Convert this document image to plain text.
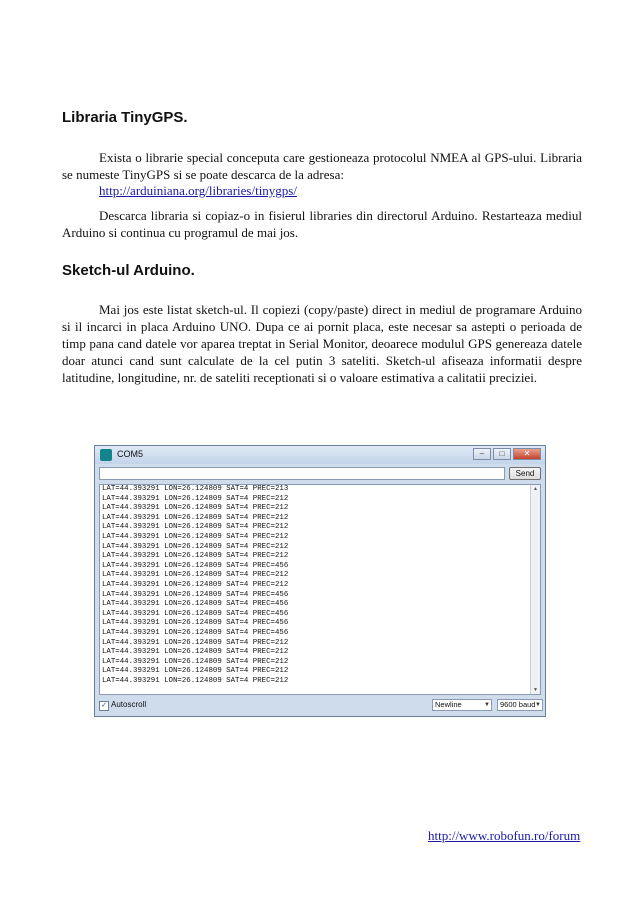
Libraria TinyGPS.

Exista o librarie special conceputa care gestioneaza protocolul NMEA al GPS-ului. Libraria se numeste TinyGPS si se poate descarca de la adresa:

http://arduiniana.org/libraries/tinygps/

Descarca libraria si copiaz-o in fisierul libraries din directorul Arduino. Restarteaza mediul Arduino si continua cu programul de mai jos.

Sketch-ul Arduino.

Mai jos este listat sketch-ul. Il copiezi (copy/paste) direct in mediul de programare Arduino si il incarci in placa Arduino UNO. Dupa ce ai pornit placa, este necesar sa astepti o perioada de timp pana cand datele vor aparea treptat in Serial Monitor, deoarece modulul GPS genereaza datele doar atunci cand sunt calculate de la cel putin 3 sateliti. Sketch-ul afiseaza informatii despre latitudine, longitudine, nr. de sateliti receptionati si o valoare estimativa a calitatii preciziei.

COM5	–	□	✕
Send
LAT=44.393291 LON=26.124809 SAT=4 PREC=213
LAT=44.393291 LON=26.124809 SAT=4 PREC=212
LAT=44.393291 LON=26.124809 SAT=4 PREC=212
LAT=44.393291 LON=26.124809 SAT=4 PREC=212
LAT=44.393291 LON=26.124809 SAT=4 PREC=212
LAT=44.393291 LON=26.124809 SAT=4 PREC=212
LAT=44.393291 LON=26.124809 SAT=4 PREC=212
LAT=44.393291 LON=26.124809 SAT=4 PREC=212
LAT=44.393291 LON=26.124809 SAT=4 PREC=456
LAT=44.393291 LON=26.124809 SAT=4 PREC=212
LAT=44.393291 LON=26.124809 SAT=4 PREC=212
LAT=44.393291 LON=26.124809 SAT=4 PREC=456
LAT=44.393291 LON=26.124809 SAT=4 PREC=456
LAT=44.393291 LON=26.124809 SAT=4 PREC=456
LAT=44.393291 LON=26.124809 SAT=4 PREC=456
LAT=44.393291 LON=26.124809 SAT=4 PREC=456
LAT=44.393291 LON=26.124809 SAT=4 PREC=212
LAT=44.393291 LON=26.124809 SAT=4 PREC=212
LAT=44.393291 LON=26.124809 SAT=4 PREC=212
LAT=44.393291 LON=26.124809 SAT=4 PREC=212
LAT=44.393291 LON=26.124809 SAT=4 PREC=212
▲
▼
✓ Autoscroll	Newline	▼	9600 baud ▼
http://www.robofun.ro/forum
